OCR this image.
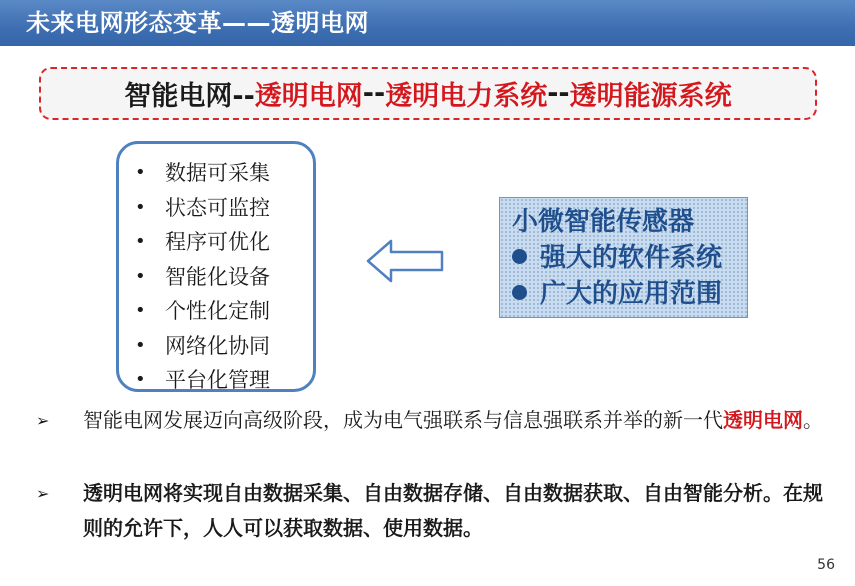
未来电网形态变革——透明电网
智能电网-- 透明电网 -- 透明电力系统 -- 透明能源系统
• 数据可采集
• 状态可监控
• 程序可优化
• 智能化设备
• 个性化定制
• 网络化协同
• 平台化管理
小微智能传感器
强大的软件系统
广大的应用范围
➢	智能电网发展迈向高级阶段，成为电气强联系与信息强联系并举的新一代透明电网。
➢	透明电网将实现自由数据采集、自由数据存储、自由数据获取、自由智能分析。在规则的允许下，人人可以获取数据、使用数据。
56
